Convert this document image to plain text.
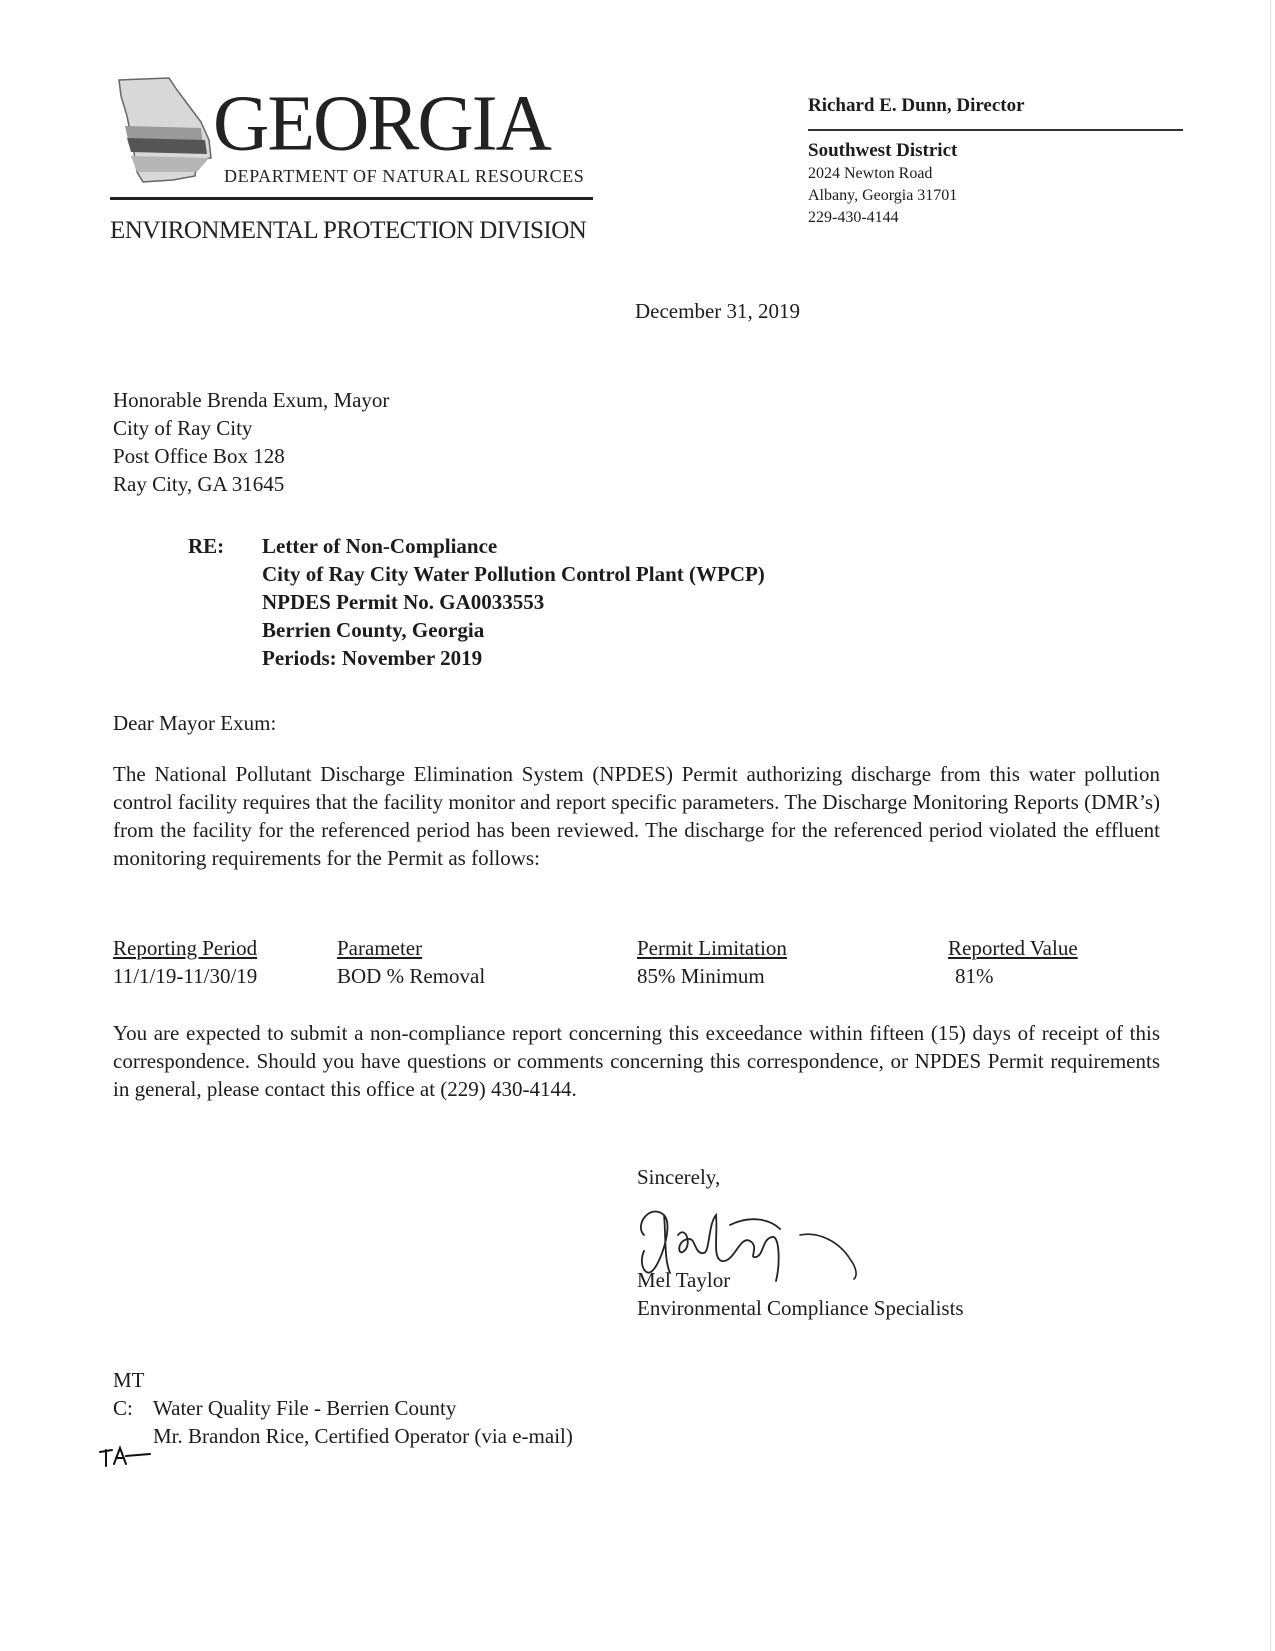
GEORGIA
DEPARTMENT OF NATURAL RESOURCES
ENVIRONMENTAL PROTECTION DIVISION
Richard E. Dunn, Director
Southwest District
2024 Newton Road
Albany, Georgia 31701
229-430-4144
December 31, 2019
Honorable Brenda Exum, Mayor
City of Ray City
Post Office Box 128
Ray City, GA 31645
RE: Letter of Non-Compliance
City of Ray City Water Pollution Control Plant (WPCP)
NPDES Permit No. GA0033553
Berrien County, Georgia
Periods: November 2019
Dear Mayor Exum:
The National Pollutant Discharge Elimination System (NPDES) Permit authorizing discharge from this water pollution control facility requires that the facility monitor and report specific parameters. The Discharge Monitoring Reports (DMR’s) from the facility for the referenced period has been reviewed. The discharge for the referenced period violated the effluent monitoring requirements for the Permit as follows:
Reporting Period	Parameter	Permit Limitation	Reported Value
11/1/19-11/30/19	BOD % Removal	85% Minimum	81%
You are expected to submit a non-compliance report concerning this exceedance within fifteen (15) days of receipt of this correspondence. Should you have questions or comments concerning this correspondence, or NPDES Permit requirements in general, please contact this office at (229) 430-4144.
Sincerely,
Mel Taylor
Environmental Compliance Specialists
MT
C: Water Quality File - Berrien County
Mr. Brandon Rice, Certified Operator (via e-mail)
